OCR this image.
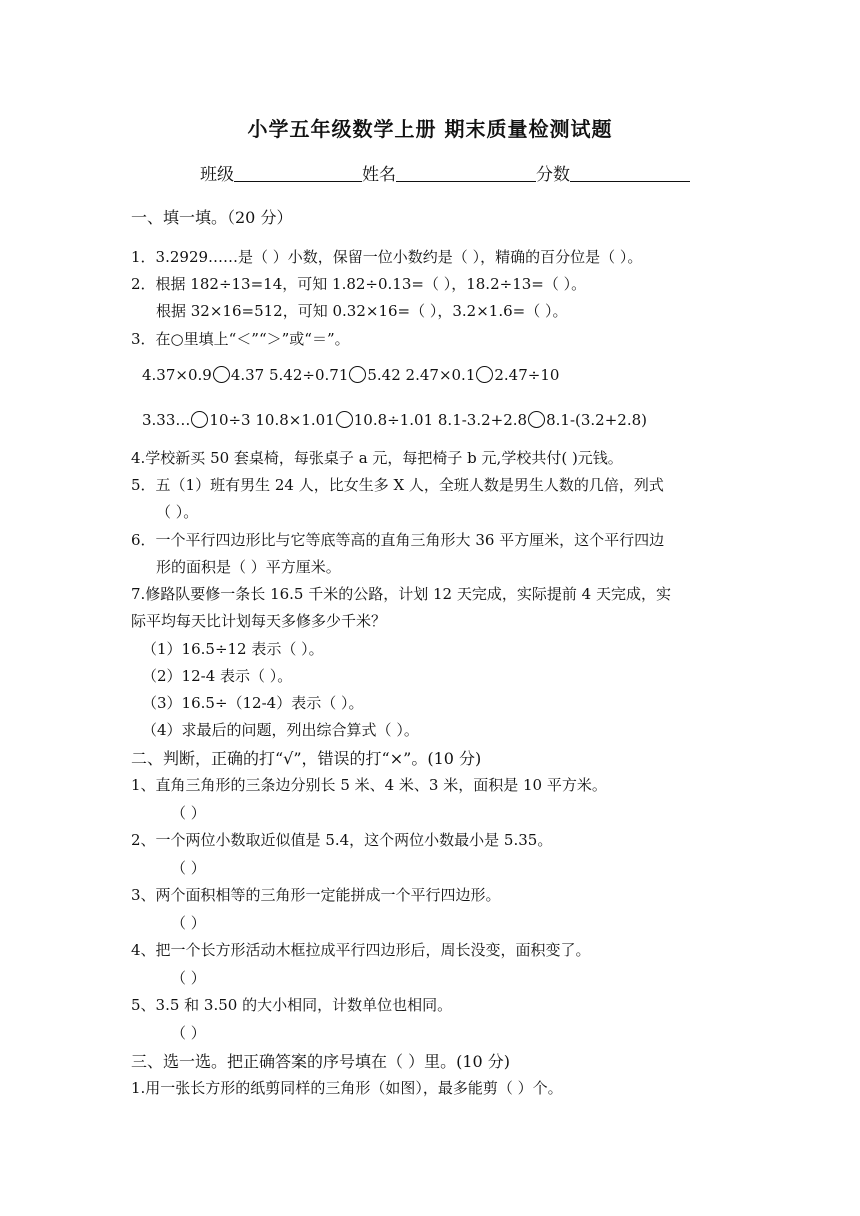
小学五年级数学上册 期末质量检测试题
班级	姓名	分数
一、填一填。（20 分）
1．3.2929……是（ ）小数，保留一位小数约是（ ），精确的百分位是（ ）。
2．根据 182÷13=14，可知 1.82÷0.13=（ ），18.2÷13=（ ）。
根据 32×16=512，可知 0.32×16=（ ），3.2×1.6=（ ）。
3．在○里填上“＜”“＞”或“＝”。
4.37×0.9 4.37 5.42÷0.71 5.42 2.47×0.1 2.47÷10
3.33… 10÷3 10.8×1.01 10.8÷1.01 8.1-3.2+2.8 8.1-(3.2+2.8)
4.学校新买 50 套桌椅，每张桌子 a 元，每把椅子 b 元,学校共付( )元钱。
5．五（1）班有男生 24 人，比女生多 X 人，全班人数是男生人数的几倍，列式
（ ）。
6．一个平行四边形比与它等底等高的直角三角形大 36 平方厘米，这个平行四边
形的面积是（ ）平方厘米。
7.修路队要修一条长 16.5 千米的公路，计划 12 天完成，实际提前 4 天完成，实
际平均每天比计划每天多修多少千米？
（1）16.5÷12 表示（ ）。
（2）12-4 表示（ ）。
（3）16.5÷（12-4）表示（ ）。
（4）求最后的问题，列出综合算式（ ）。
二、判断，正确的打“√”，错误的打“×”。(10 分)
1、直角三角形的三条边分别长 5 米、4 米、3 米，面积是 10 平方米。
（ ）
2、一个两位小数取近似值是 5.4，这个两位小数最小是 5.35。
（ ）
3、两个面积相等的三角形一定能拼成一个平行四边形。
（ ）
4、把一个长方形活动木框拉成平行四边形后，周长没变，面积变了。
（ ）
5、3.5 和 3.50 的大小相同，计数单位也相同。
（ ）
三、选一选。把正确答案的序号填在（ ）里。(10 分)
1.用一张长方形的纸剪同样的三角形（如图），最多能剪（ ）个。
